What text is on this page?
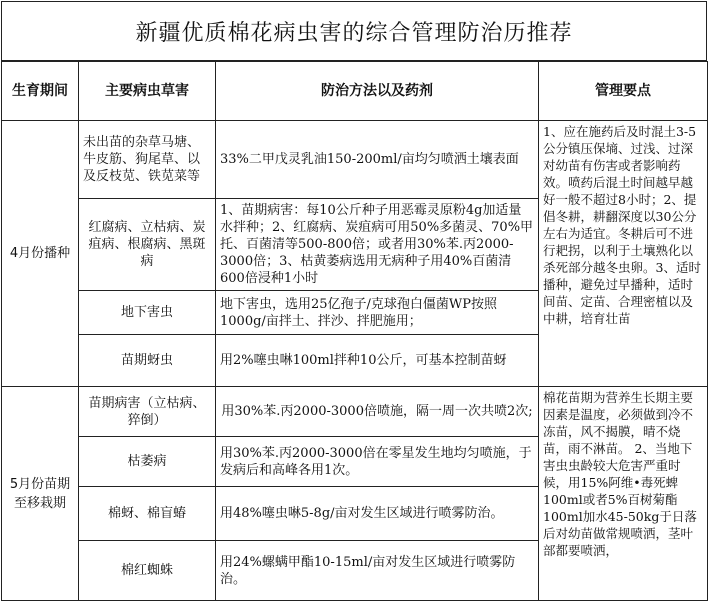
新疆优质棉花病虫害的综合管理防治历推荐
生育期间	主要病虫草害	防治方法以及药剂	管理要点
4月份播种	未出苗的杂草马塘、牛皮筋、狗尾草、以及反枝苋、铁苋菜等	33%二甲戊灵乳油150-200ml/亩均匀喷洒土壤表面	1、应在施药后及时混土3-5公分镇压保墒、过浅、过深对幼苗有伤害或者影响药效。喷药后混土时间越早越好一般不超过8小时；2、提倡冬耕，耕翻深度以30公分左右为适宜。冬耕后可不进行耙拐，以利于土壤熟化以杀死部分越冬虫卵。3、适时播种，避免过早播种，适时间苗、定苗、合理密植以及中耕，培育壮苗
	红腐病、立枯病、炭疽病、根腐病、黑斑病	1、苗期病害：每10公斤种子用恶霉灵原粉4g加适量水拌种；2、红腐病、炭疽病可用50%多菌灵、70%甲托、百菌清等500-800倍；或者用30%苯.丙2000-3000倍；3、枯黄萎病选用无病种子用40%百菌清600倍浸种1小时	
	地下害虫	地下害虫，选用25亿孢子/克球孢白僵菌WP按照1000g/亩拌土、拌沙、拌肥施用；	
	苗期蚜虫	用2%噻虫啉100ml拌种10公斤，可基本控制苗蚜	
5月份苗期至移栽期	苗期病害（立枯病、猝倒）	用30%苯.丙2000-3000倍喷施，隔一周一次共喷2次;	棉花苗期为营养生长期主要因素是温度，必须做到冷不冻苗，风不揭膜，晴不烧苗，雨不淋苗。 2、当地下害虫虫龄较大危害严重时候，用15%阿维•毒死蜱100ml或者5%百树菊酯100ml加水45-50kg于日落后对幼苗做常规喷洒，茎叶部都要喷洒，
	枯萎病	用30%苯.丙2000-3000倍在零星发生地均匀喷施，于发病后和高峰各用1次。	
	棉蚜、棉盲蝽	用48%噻虫啉5-8g/亩对发生区域进行喷雾防治。	
	棉红蜘蛛	用24%螺螨甲酯10-15ml/亩对发生区域进行喷雾防治。	
